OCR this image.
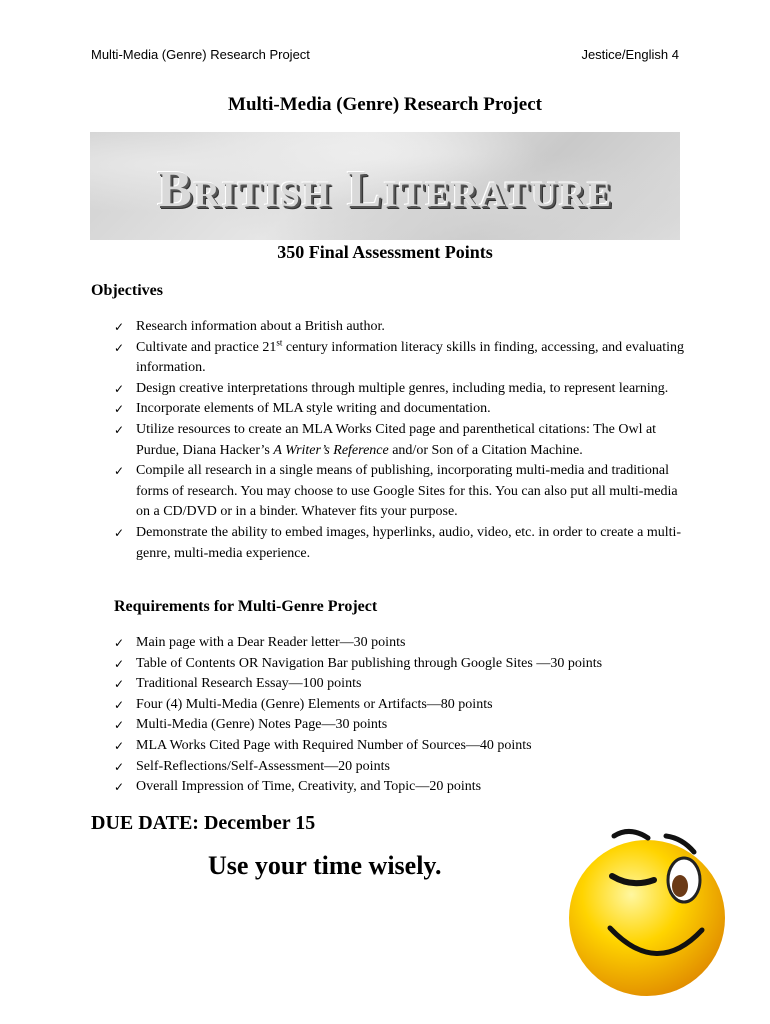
Multi-Media (Genre) Research Project	Jestice/English 4
Multi-Media (Genre) Research Project
British Literature
350 Final Assessment Points
Objectives
✓ Research information about a British author.
✓ Cultivate and practice 21st century information literacy skills in finding, accessing, and evaluating information.
✓ Design creative interpretations through multiple genres, including media, to represent learning.
✓ Incorporate elements of MLA style writing and documentation.
✓ Utilize resources to create an MLA Works Cited page and parenthetical citations: The Owl at Purdue, Diana Hacker’s A Writer’s Reference and/or Son of a Citation Machine.
✓ Compile all research in a single means of publishing, incorporating multi-media and traditional forms of research. You may choose to use Google Sites for this. You can also put all multi-media on a CD/DVD or in a binder. Whatever fits your purpose.
✓ Demonstrate the ability to embed images, hyperlinks, audio, video, etc. in order to create a multi-genre, multi-media experience.
Requirements for Multi-Genre Project
✓ Main page with a Dear Reader letter—30 points
✓ Table of Contents OR Navigation Bar publishing through Google Sites —30 points
✓ Traditional Research Essay—100 points
✓ Four (4) Multi-Media (Genre) Elements or Artifacts—80 points
✓ Multi-Media (Genre) Notes Page—30 points
✓ MLA Works Cited Page with Required Number of Sources—40 points
✓ Self-Reflections/Self-Assessment—20 points
✓ Overall Impression of Time, Creativity, and Topic—20 points
DUE DATE: December 15
Use your time wisely.
